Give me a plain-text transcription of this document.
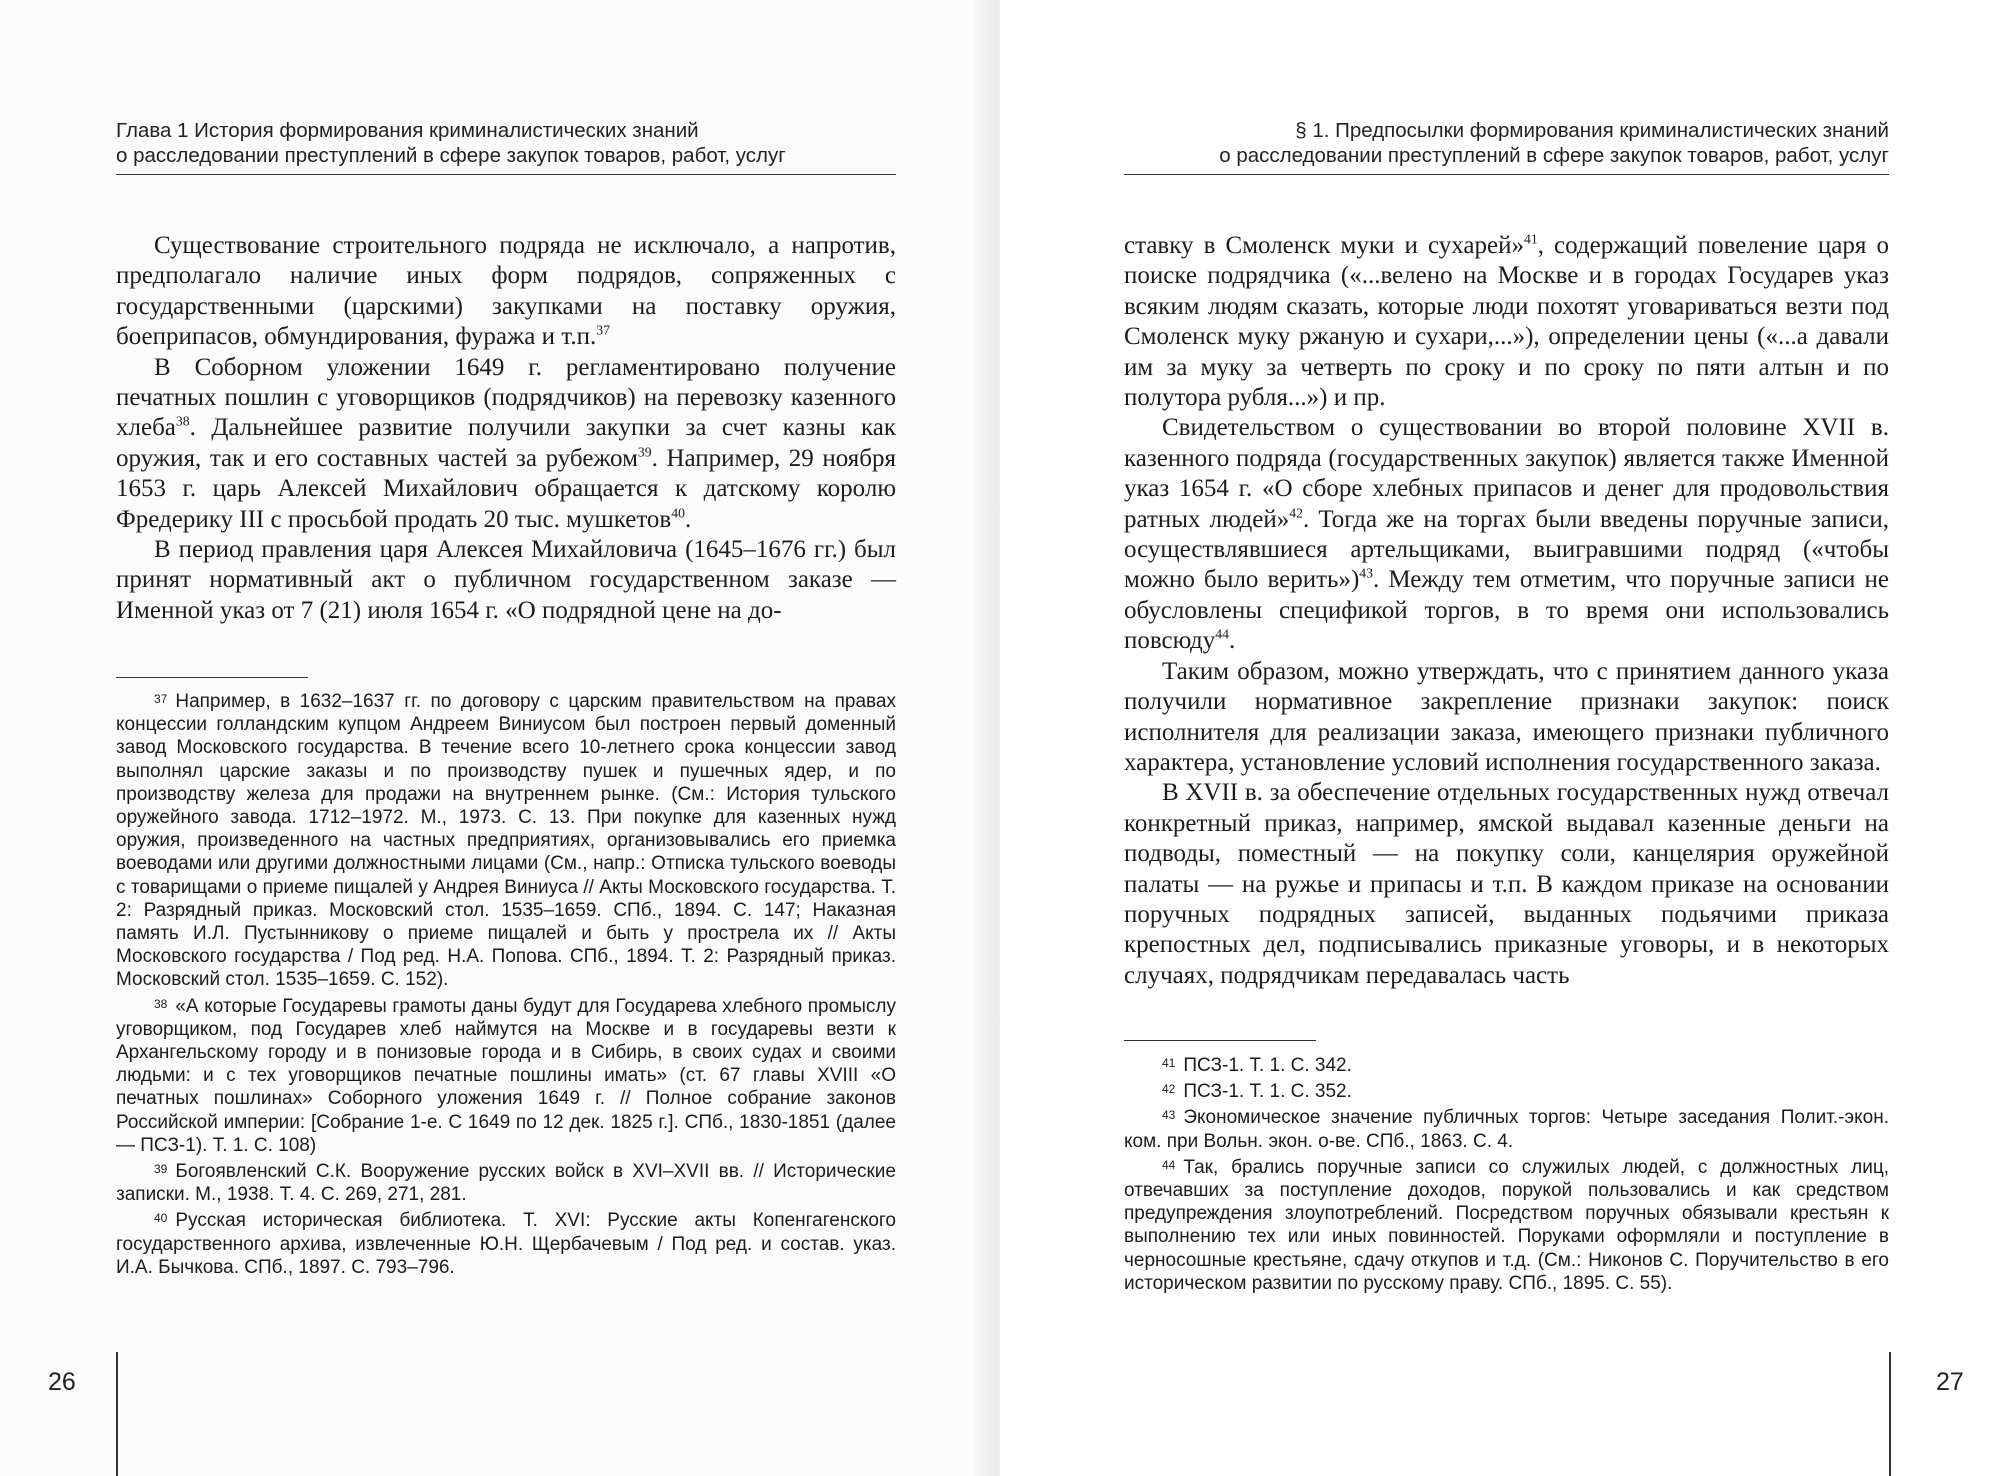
Глава 1 История формирования криминалистических знаний
о расследовании преступлений в сфере закупок товаров, работ, услуг

Существование строительного подряда не исключало, а напротив, предполагало наличие иных форм подрядов, сопряженных с государственными (царскими) закупками на поставку оружия, боеприпасов, обмундирования, фуража и т.п.$^{37}$

В Соборном уложении 1649 г. регламентировано получение печатных пошлин с уговорщиков (подрядчиков) на перевозку казенного хлеба$^{38}$. Дальнейшее развитие получили закупки за счет казны как оружия, так и его составных частей за рубежом$^{39}$. Например, 29 ноября 1653 г. царь Алексей Михайлович обращается к датскому королю Фредерику III с просьбой продать 20 тыс. мушкетов$^{40}$.

В период правления царя Алексея Михайловича (1645–1676 гг.) был принят нормативный акт о публичном государственном заказе — Именной указ от 7 (21) июля 1654 г. «О подрядной цене на до-

$^{37}$ Например, в 1632–1637 гг. по договору с царским правительством на правах концессии голландским купцом Андреем Виниусом был построен первый доменный завод Московского государства. В течение всего 10-летнего срока концессии завод выполнял царские заказы и по производству пушек и пушечных ядер, и по производству железа для продажи на внутреннем рынке. (См.: История тульского оружейного завода. 1712–1972. М., 1973. С. 13. При покупке для казенных нужд оружия, произведенного на частных предприятиях, организовывались его приемка воеводами или другими должностными лицами (См., напр.: Отписка тульского воеводы с товарищами о приеме пищалей у Андрея Виниуса // Акты Московского государства. Т. 2: Разрядный приказ. Московский стол. 1535–1659. СПб., 1894. С. 147; Наказная память И.Л. Пустынникову о приеме пищалей и быть у прострела их // Акты Московского государства / Под ред. Н.А. Попова. СПб., 1894. Т. 2: Разрядный приказ. Московский стол. 1535–1659. С. 152).

$^{38}$ «А которые Государевы грамоты даны будут для Государева хлебного промыслу уговорщиком, под Государев хлеб наймутся на Москве и в государевы везти к Архангельскому городу и в понизовые города и в Сибирь, в своих судах и своими людьми: и с тех уговорщиков печатные пошлины имать» (ст. 67 главы XVIII «О печатных пошлинах» Соборного уложения 1649 г. // Полное собрание законов Российской империи: [Собрание 1-е. С 1649 по 12 дек. 1825 г.]. СПб., 1830-1851 (далее — ПСЗ-1). Т. 1. С. 108)

$^{39}$ Богоявленский С.К. Вооружение русских войск в XVI–XVII вв. // Исторические записки. М., 1938. Т. 4. С. 269, 271, 281.

$^{40}$ Русская историческая библиотека. Т. XVI: Русские акты Копенгагенского государственного архива, извлеченные Ю.Н. Щербачевым / Под ред. и состав. указ. И.А. Бычкова. СПб., 1897. С. 793–796.

26
§ 1. Предпосылки формирования криминалистических знаний
о расследовании преступлений в сфере закупок товаров, работ, услуг

ставку в Смоленск муки и сухарей»$^{41}$, содержащий повеление царя о поиске подрядчика («...велено на Москве и в городах Государев указ всяким людям сказать, которые люди похотят уговариваться везти под Смоленск муку ржаную и сухари,...»), определении цены («...а давали им за муку за четверть по сроку и по сроку по пяти алтын и по полутора рубля...») и пр.

Свидетельством о существовании во второй половине XVII в. казенного подряда (государственных закупок) является также Именной указ 1654 г. «О сборе хлебных припасов и денег для продовольствия ратных людей»$^{42}$. Тогда же на торгах были введены поручные записи, осуществлявшиеся артельщиками, выигравшими подряд («чтобы можно было верить»)$^{43}$. Между тем отметим, что поручные записи не обусловлены спецификой торгов, в то время они использовались повсюду$^{44}$.

Таким образом, можно утверждать, что с принятием данного указа получили нормативное закрепление признаки закупок: поиск исполнителя для реализации заказа, имеющего признаки публичного характера, установление условий исполнения государственного заказа.

В XVII в. за обеспечение отдельных государственных нужд отвечал конкретный приказ, например, ямской выдавал казенные деньги на подводы, поместный — на покупку соли, канцелярия оружейной палаты — на ружье и припасы и т.п. В каждом приказе на основании поручных подрядных записей, выданных подьячими приказа крепостных дел, подписывались приказные уговоры, и в некоторых случаях, подрядчикам передавалась часть

$^{41}$ ПСЗ-1. Т. 1. С. 342.

$^{42}$ ПСЗ-1. Т. 1. С. 352.

$^{43}$ Экономическое значение публичных торгов: Четыре заседания Полит.-экон. ком. при Вольн. экон. о-ве. СПб., 1863. С. 4.

$^{44}$ Так, брались поручные записи со служилых людей, с должностных лиц, отвечавших за поступление доходов, порукой пользовались и как средством предупреждения злоупотреблений. Посредством поручных обязывали крестьян к выполнению тех или иных повинностей. Поруками оформляли и поступление в черносошные крестьяне, сдачу откупов и т.д. (См.: Никонов С. Поручительство в его историческом развитии по русскому праву. СПб., 1895. С. 55).

27
